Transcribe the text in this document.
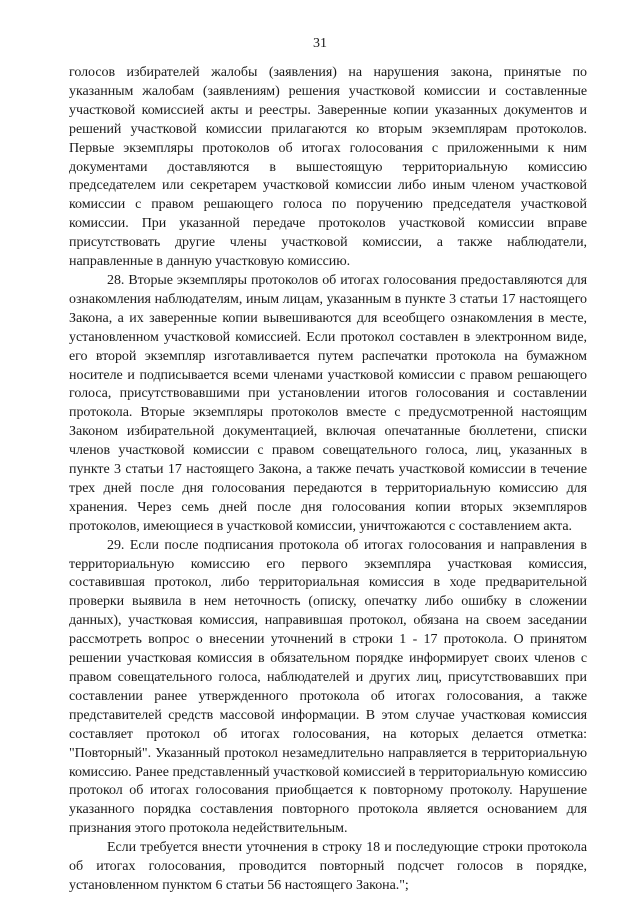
31

голосов избирателей жалобы (заявления) на нарушения закона, принятые по указанным жалобам (заявлениям) решения участковой комиссии и составленные участковой комиссией акты и реестры. Заверенные копии указанных документов и решений участковой комиссии прилагаются ко вторым экземплярам протоколов. Первые экземпляры протоколов об итогах голосования с приложенными к ним документами доставляются в вышестоящую территориальную комиссию председателем или секретарем участковой комиссии либо иным членом участковой комиссии с правом решающего голоса по поручению председателя участковой комиссии. При указанной передаче протоколов участковой комиссии вправе присутствовать другие члены участковой комиссии, а также наблюдатели, направленные в данную участковую комиссию.

28. Вторые экземпляры протоколов об итогах голосования предоставляются для ознакомления наблюдателям, иным лицам, указанным в пункте 3 статьи 17 настоящего Закона, а их заверенные копии вывешиваются для всеобщего ознакомления в месте, установленном участковой комиссией. Если протокол составлен в электронном виде, его второй экземпляр изготавливается путем распечатки протокола на бумажном носителе и подписывается всеми членами участковой комиссии с правом решающего голоса, присутствовавшими при установлении итогов голосования и составлении протокола. Вторые экземпляры протоколов вместе с предусмотренной настоящим Законом избирательной документацией, включая опечатанные бюллетени, списки членов участковой комиссии с правом совещательного голоса, лиц, указанных в пункте 3 статьи 17 настоящего Закона, а также печать участковой комиссии в течение трех дней после дня голосования передаются в территориальную комиссию для хранения. Через семь дней после дня голосования копии вторых экземпляров протоколов, имеющиеся в участковой комиссии, уничтожаются с составлением акта.

29. Если после подписания протокола об итогах голосования и направления в территориальную комиссию его первого экземпляра участковая комиссия, составившая протокол, либо территориальная комиссия в ходе предварительной проверки выявила в нем неточность (описку, опечатку либо ошибку в сложении данных), участковая комиссия, направившая протокол, обязана на своем заседании рассмотреть вопрос о внесении уточнений в строки 1 - 17 протокола. О принятом решении участковая комиссия в обязательном порядке информирует своих членов с правом совещательного голоса, наблюдателей и других лиц, присутствовавших при составлении ранее утвержденного протокола об итогах голосования, а также представителей средств массовой информации. В этом случае участковая комиссия составляет протокол об итогах голосования, на которых делается отметка: "Повторный". Указанный протокол незамедлительно направляется в территориальную комиссию. Ранее представленный участковой комиссией в территориальную комиссию протокол об итогах голосования приобщается к повторному протоколу. Нарушение указанного порядка составления повторного протокола является основанием для признания этого протокола недействительным.

Если требуется внести уточнения в строку 18 и последующие строки протокола об итогах голосования, проводится повторный подсчет голосов в порядке, установленном пунктом 6 статьи 56 настоящего Закона.";
